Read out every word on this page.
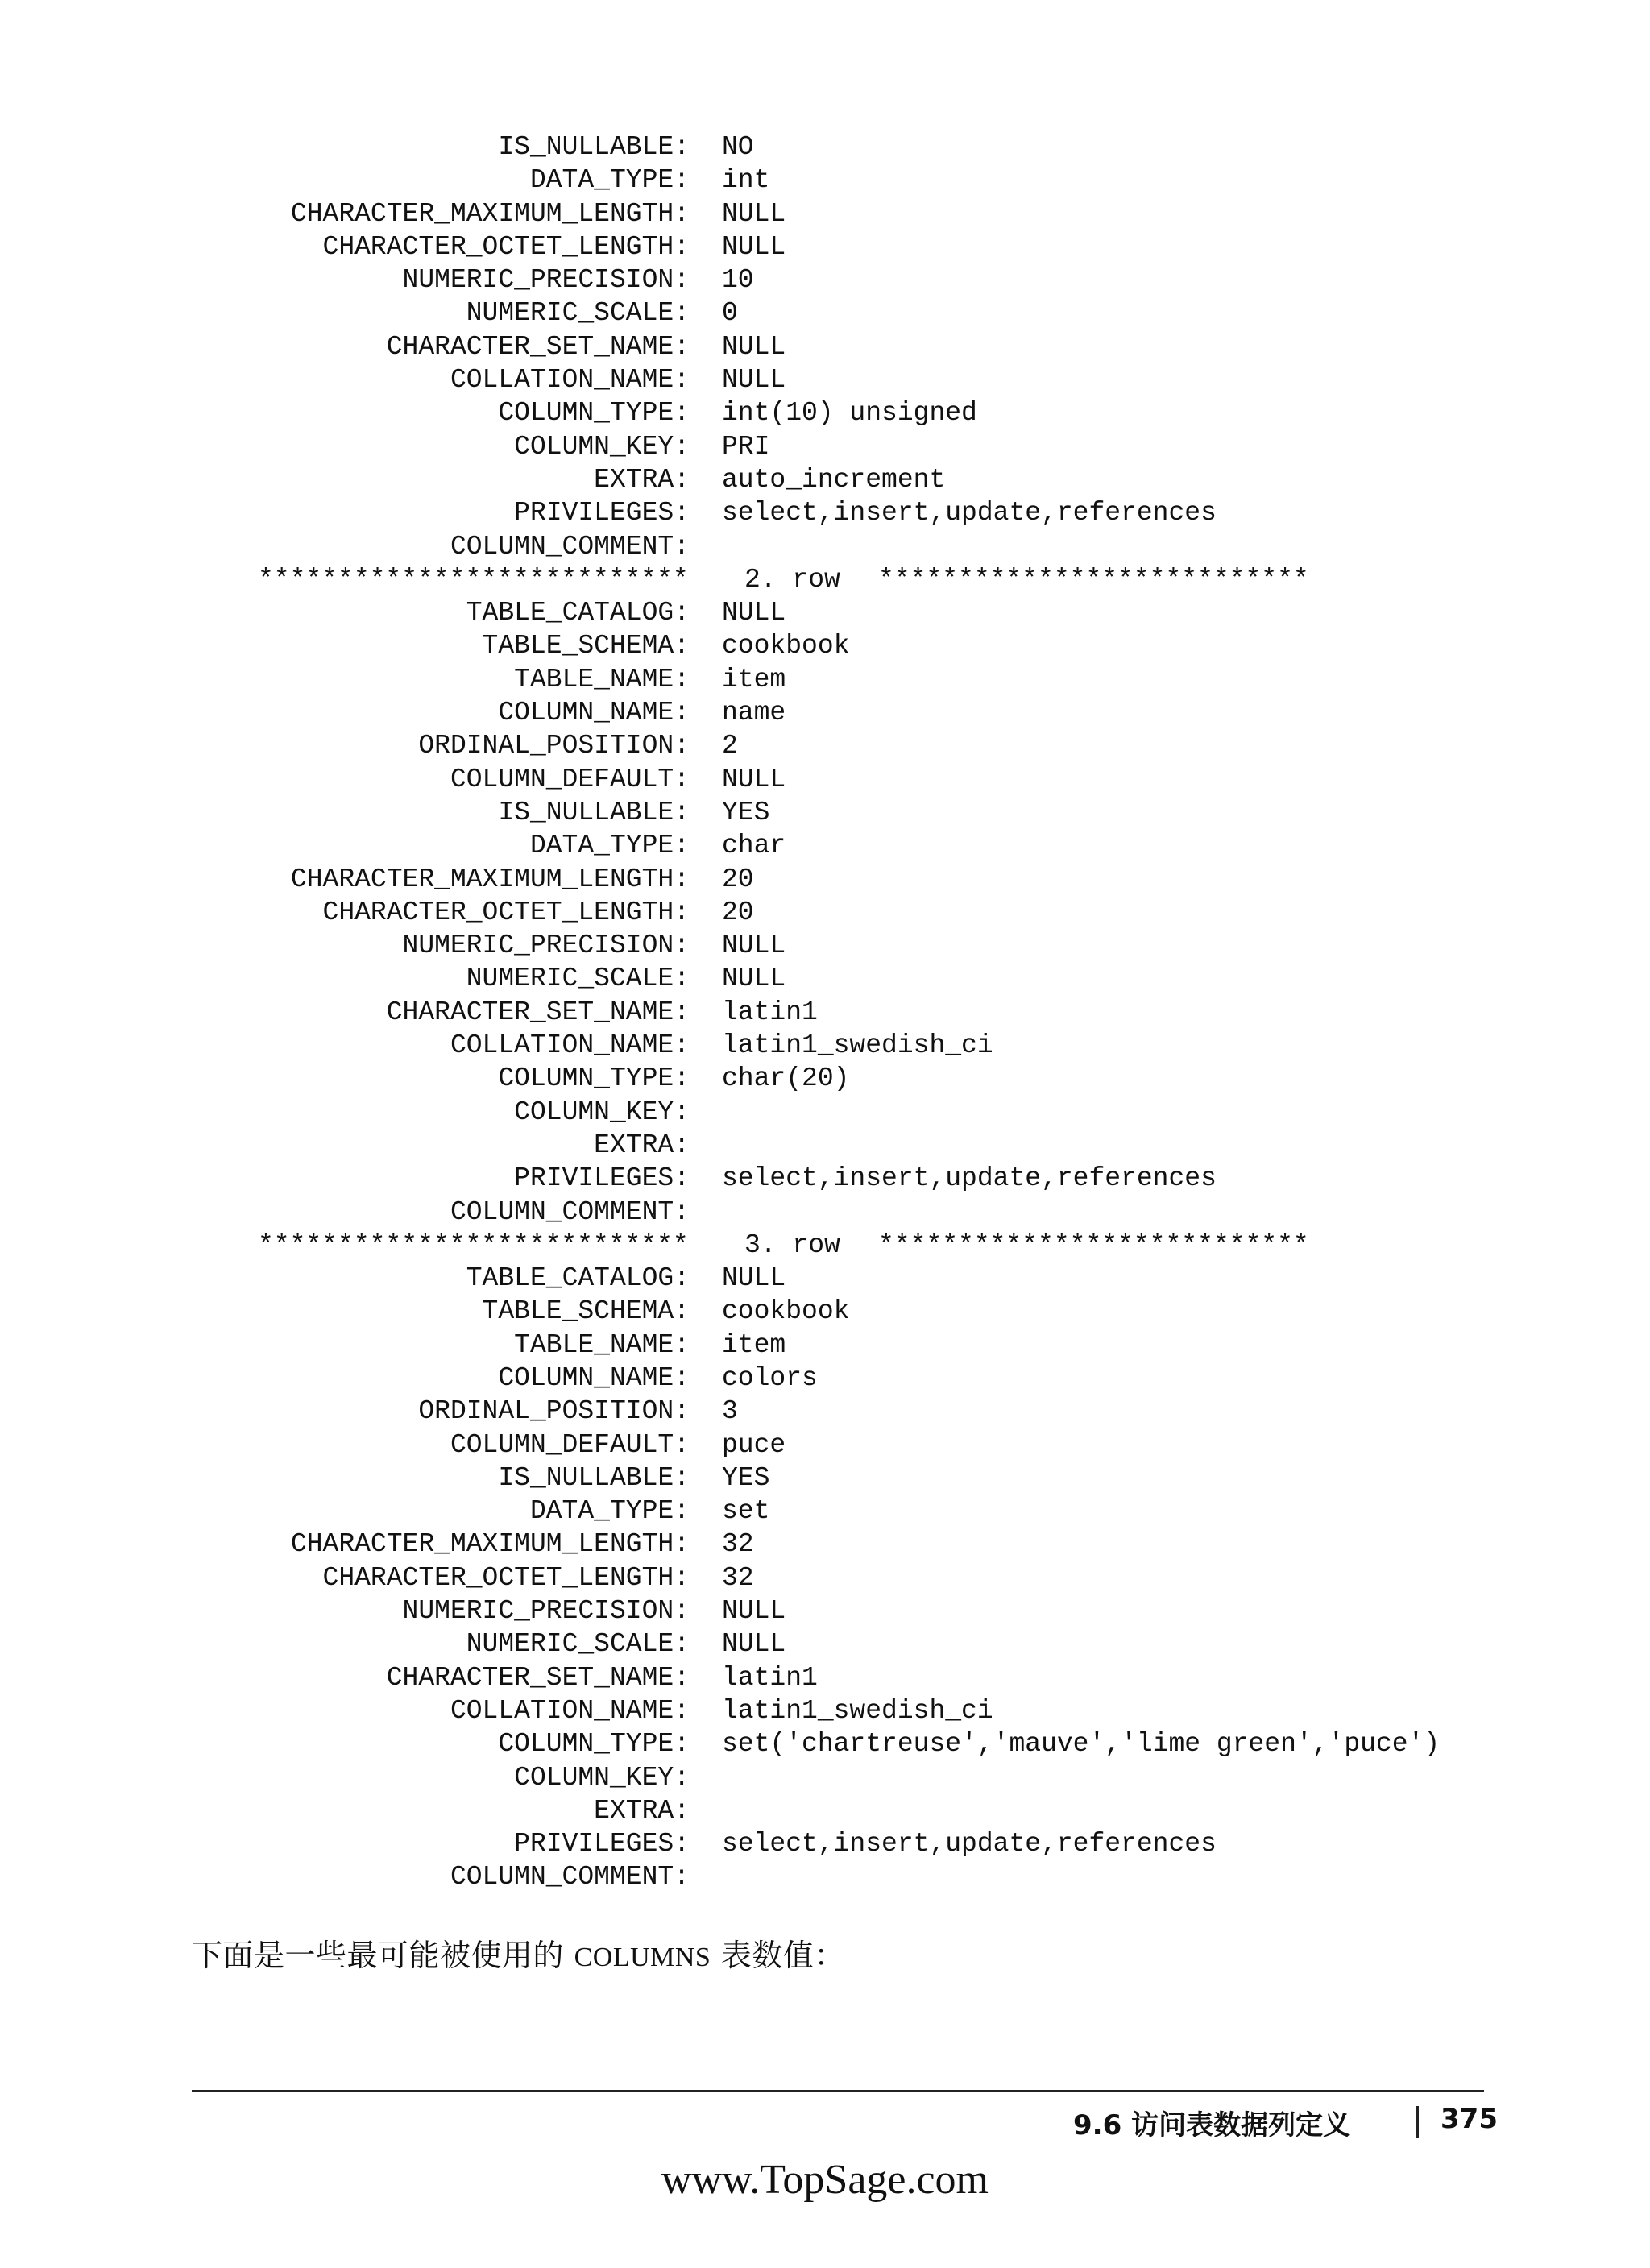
IS_NULLABLE: NO
DATA_TYPE: int
CHARACTER_MAXIMUM_LENGTH: NULL
CHARACTER_OCTET_LENGTH: NULL
NUMERIC_PRECISION: 10
NUMERIC_SCALE: 0
CHARACTER_SET_NAME: NULL
COLLATION_NAME: NULL
COLUMN_TYPE: int(10) unsigned
COLUMN_KEY: PRI
EXTRA: auto_increment
PRIVILEGES: select,insert,update,references
COLUMN_COMMENT:
*************************** 2. row ***************************
TABLE_CATALOG: NULL
TABLE_SCHEMA: cookbook
TABLE_NAME: item
COLUMN_NAME: name
ORDINAL_POSITION: 2
COLUMN_DEFAULT: NULL
IS_NULLABLE: YES
DATA_TYPE: char
CHARACTER_MAXIMUM_LENGTH: 20
CHARACTER_OCTET_LENGTH: 20
NUMERIC_PRECISION: NULL
NUMERIC_SCALE: NULL
CHARACTER_SET_NAME: latin1
COLLATION_NAME: latin1_swedish_ci
COLUMN_TYPE: char(20)
COLUMN_KEY:
EXTRA:
PRIVILEGES: select,insert,update,references
COLUMN_COMMENT:
*************************** 3. row ***************************
TABLE_CATALOG: NULL
TABLE_SCHEMA: cookbook
TABLE_NAME: item
COLUMN_NAME: colors
ORDINAL_POSITION: 3
COLUMN_DEFAULT: puce
IS_NULLABLE: YES
DATA_TYPE: set
CHARACTER_MAXIMUM_LENGTH: 32
CHARACTER_OCTET_LENGTH: 32
NUMERIC_PRECISION: NULL
NUMERIC_SCALE: NULL
CHARACTER_SET_NAME: latin1
COLLATION_NAME: latin1_swedish_ci
COLUMN_TYPE: set('chartreuse','mauve','lime green','puce')
COLUMN_KEY:
EXTRA:
PRIVILEGES: select,insert,update,references
COLUMN_COMMENT:
下面是一些最可能被使用的 COLUMNS 表数值：
9.6 访问表数据列定义	375
www.TopSage.com
